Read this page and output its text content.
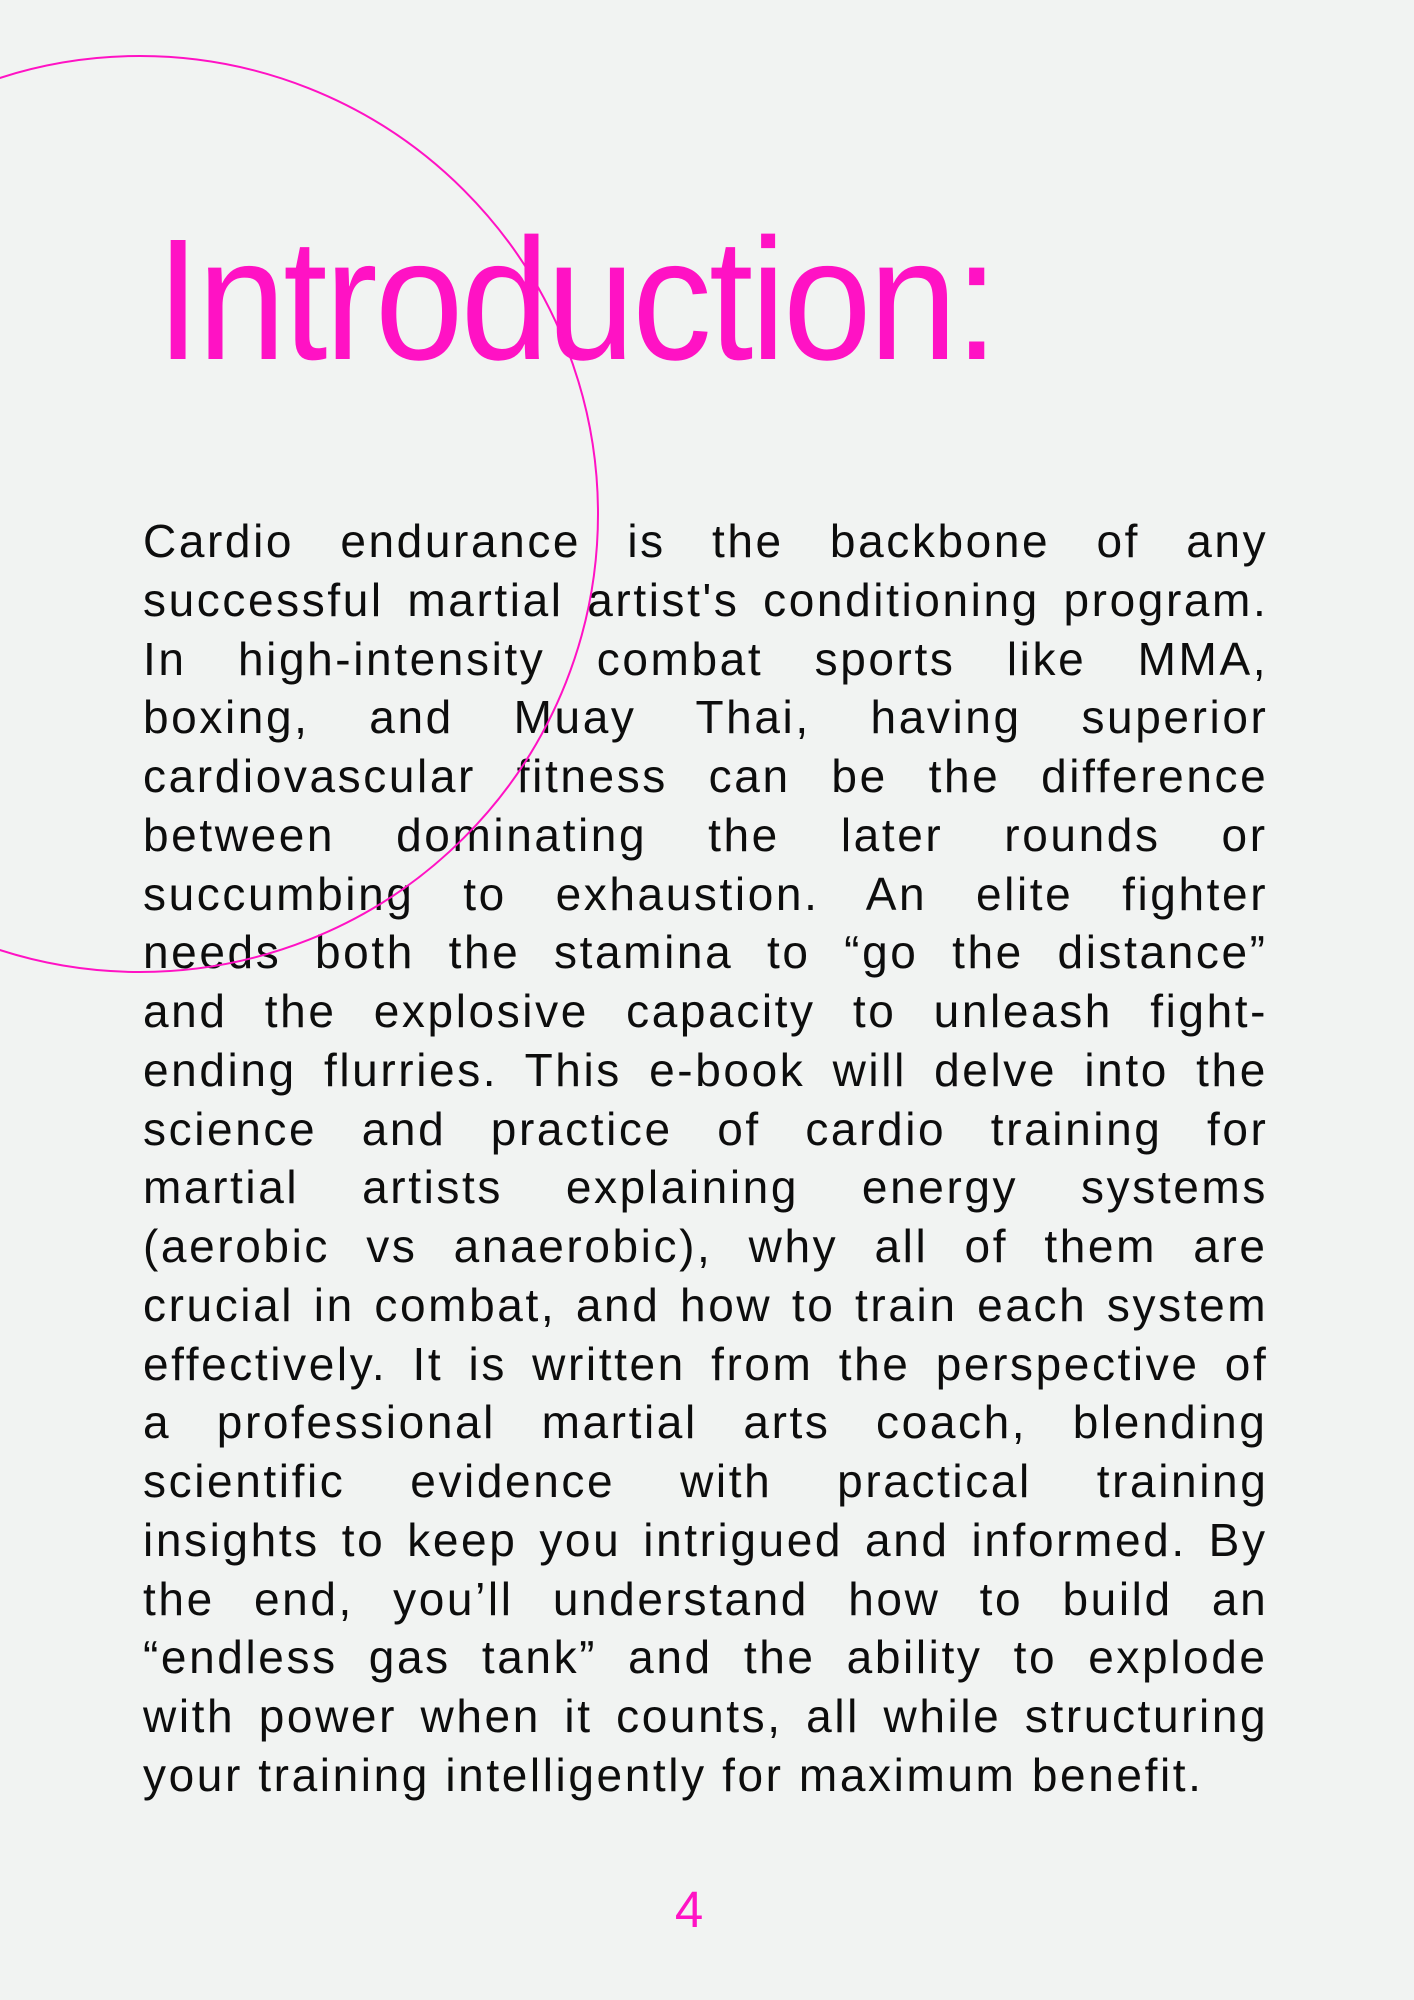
Introduction:
Cardio endurance is the backbone of any
successful martial artist's conditioning program.
In high-intensity combat sports like MMA,
boxing, and Muay Thai, having superior
cardiovascular fitness can be the difference
between dominating the later rounds or
succumbing to exhaustion. An elite fighter
needs both the stamina to “go the distance”
and the explosive capacity to unleash fight-
ending flurries. This e-book will delve into the
science and practice of cardio training for
martial artists explaining energy systems
(aerobic vs anaerobic), why all of them are
crucial in combat, and how to train each system
effectively. It is written from the perspective of
a professional martial arts coach, blending
scientific evidence with practical training
insights to keep you intrigued and informed. By
the end, you’ll understand how to build an
“endless gas tank” and the ability to explode
with power when it counts, all while structuring
your training intelligently for maximum benefit.
4
